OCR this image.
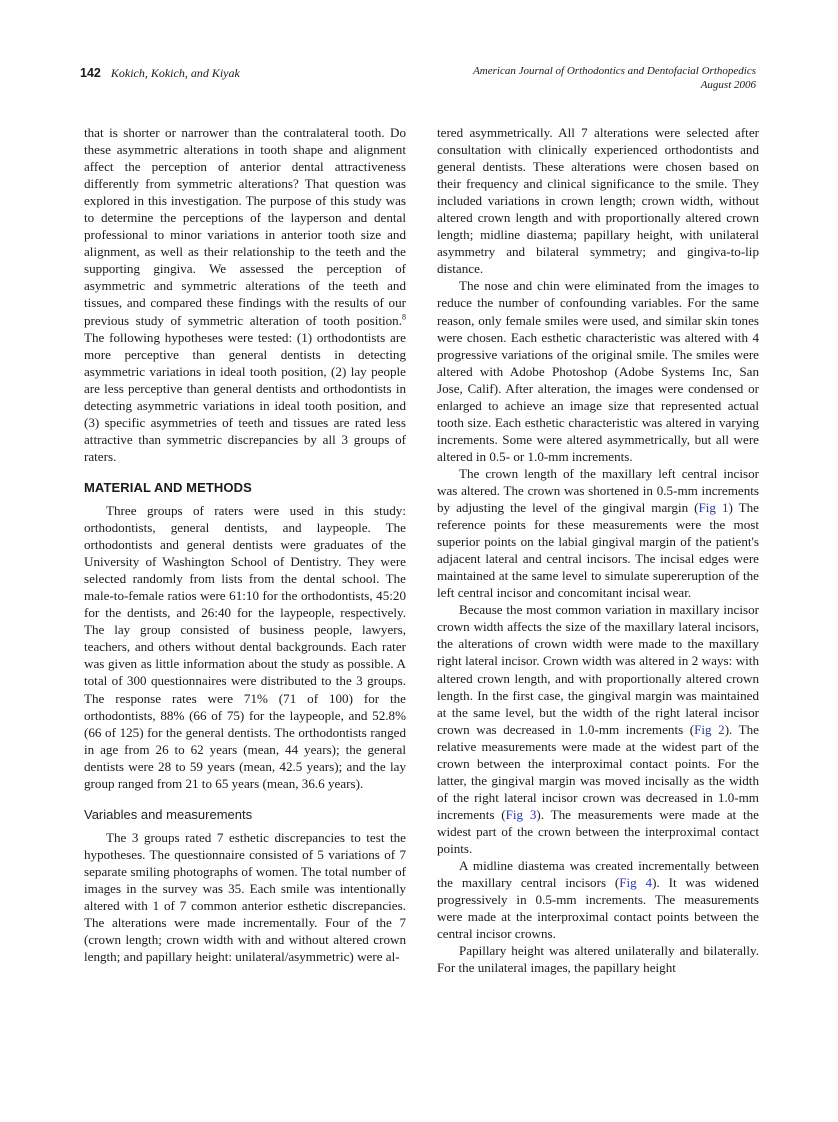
142 Kokich, Kokich, and Kiyak	American Journal of Orthodontics and Dentofacial Orthopedics
August 2006

that is shorter or narrower than the contralateral tooth. Do these asymmetric alterations in tooth shape and alignment affect the perception of anterior dental attractiveness differently from symmetric alterations? That question was explored in this investigation. The purpose of this study was to determine the perceptions of the layperson and dental professional to minor variations in anterior tooth size and alignment, as well as their relationship to the teeth and the supporting gingiva. We assessed the perception of asymmetric and symmetric alterations of the teeth and tissues, and compared these findings with the results of our previous study of symmetric alteration of tooth position.$^8$ The following hypotheses were tested: (1) orthodontists are more perceptive than general dentists in detecting asymmetric variations in ideal tooth position, (2) lay people are less perceptive than general dentists and orthodontists in detecting asymmetric variations in ideal tooth position, and (3) specific asymmetries of teeth and tissues are rated less attractive than symmetric discrepancies by all 3 groups of raters.

MATERIAL AND METHODS

Three groups of raters were used in this study: orthodontists, general dentists, and laypeople. The orthodontists and general dentists were graduates of the University of Washington School of Dentistry. They were selected randomly from lists from the dental school. The male-to-female ratios were 61:10 for the orthodontists, 45:20 for the dentists, and 26:40 for the laypeople, respectively. The lay group consisted of business people, lawyers, teachers, and others without dental backgrounds. Each rater was given as little information about the study as possible. A total of 300 questionnaires were distributed to the 3 groups. The response rates were 71% (71 of 100) for the orthodontists, 88% (66 of 75) for the laypeople, and 52.8% (66 of 125) for the general dentists. The orthodontists ranged in age from 26 to 62 years (mean, 44 years); the general dentists were 28 to 59 years (mean, 42.5 years); and the lay group ranged from 21 to 65 years (mean, 36.6 years).

Variables and measurements

The 3 groups rated 7 esthetic discrepancies to test the hypotheses. The questionnaire consisted of 5 variations of 7 separate smiling photographs of women. The total number of images in the survey was 35. Each smile was intentionally altered with 1 of 7 common anterior esthetic discrepancies. The alterations were made incrementally. Four of the 7 (crown length; crown width with and without altered crown length; and papillary height: unilateral/asymmetric) were al-

tered asymmetrically. All 7 alterations were selected after consultation with clinically experienced orthodontists and general dentists. These alterations were chosen based on their frequency and clinical significance to the smile. They included variations in crown length; crown width, without altered crown length and with proportionally altered crown length; midline diastema; papillary height, with unilateral asymmetry and bilateral symmetry; and gingiva-to-lip distance.

The nose and chin were eliminated from the images to reduce the number of confounding variables. For the same reason, only female smiles were used, and similar skin tones were chosen. Each esthetic characteristic was altered with 4 progressive variations of the original smile. The smiles were altered with Adobe Photoshop (Adobe Systems Inc, San Jose, Calif). After alteration, the images were condensed or enlarged to achieve an image size that represented actual tooth size. Each esthetic characteristic was altered in varying increments. Some were altered asymmetrically, but all were altered in 0.5- or 1.0-mm increments.

The crown length of the maxillary left central incisor was altered. The crown was shortened in 0.5-mm increments by adjusting the level of the gingival margin (Fig 1) The reference points for these measurements were the most superior points on the labial gingival margin of the patient's adjacent lateral and central incisors. The incisal edges were maintained at the same level to simulate supereruption of the left central incisor and concomitant incisal wear.

Because the most common variation in maxillary incisor crown width affects the size of the maxillary lateral incisors, the alterations of crown width were made to the maxillary right lateral incisor. Crown width was altered in 2 ways: with altered crown length, and with proportionally altered crown length. In the first case, the gingival margin was maintained at the same level, but the width of the right lateral incisor crown was decreased in 1.0-mm increments (Fig 2). The relative measurements were made at the widest part of the crown between the interproximal contact points. For the latter, the gingival margin was moved incisally as the width of the right lateral incisor crown was decreased in 1.0-mm increments (Fig 3). The measurements were made at the widest part of the crown between the interproximal contact points.

A midline diastema was created incrementally between the maxillary central incisors (Fig 4). It was widened progressively in 0.5-mm increments. The measurements were made at the interproximal contact points between the central incisor crowns.

Papillary height was altered unilaterally and bilaterally. For the unilateral images, the papillary height
